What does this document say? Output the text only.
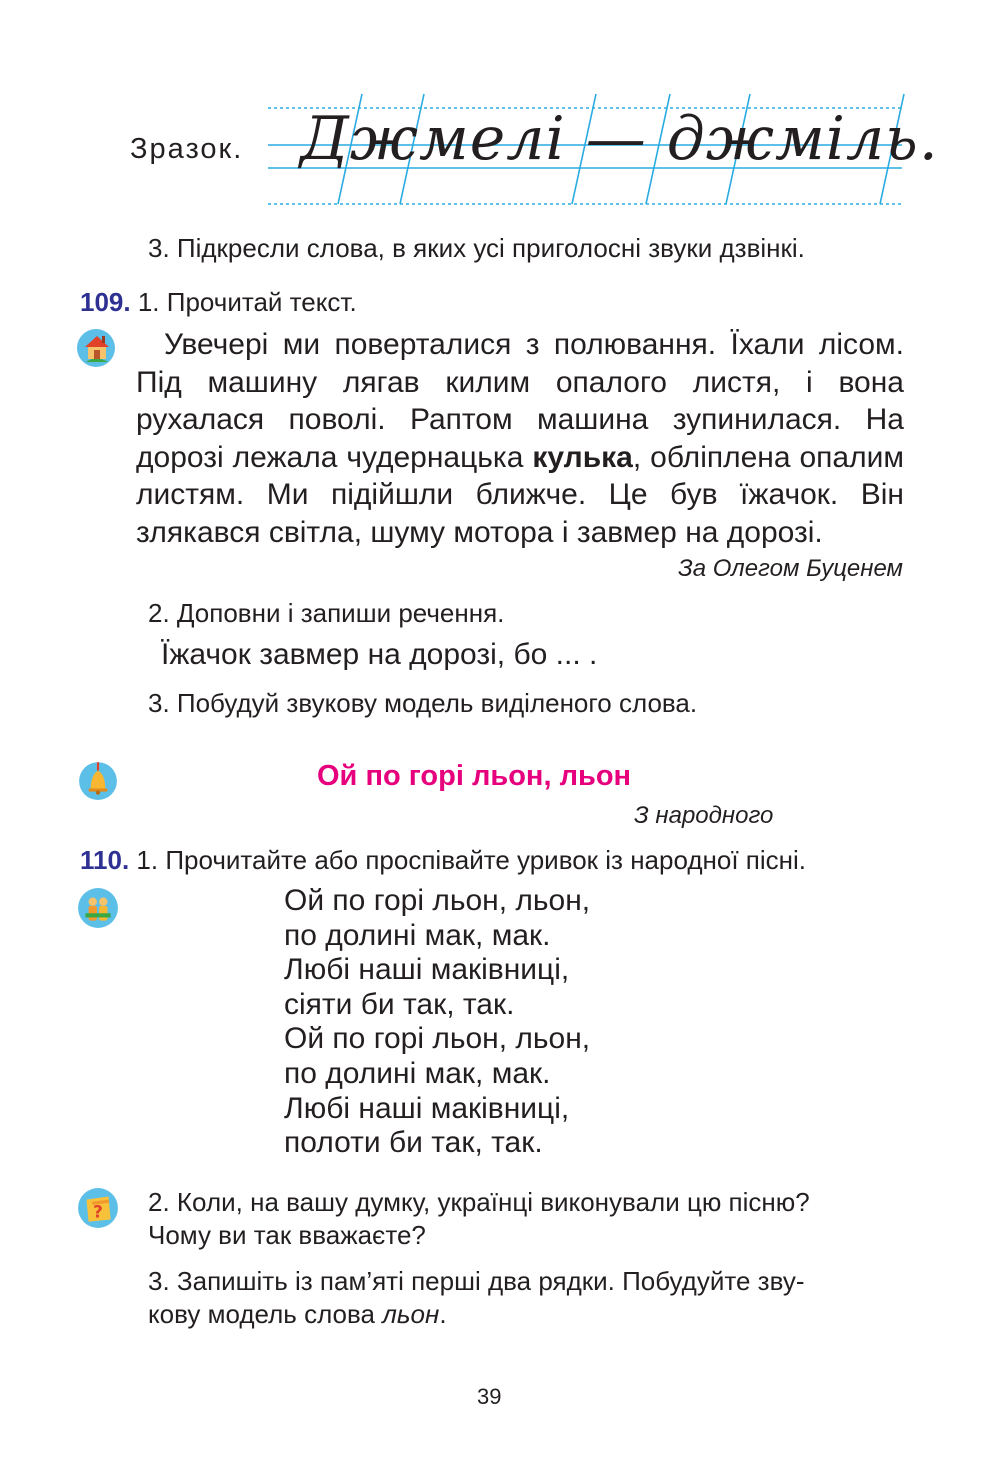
Зразок. Джмелі — джміль.
3. Підкресли слова, в яких усі приголосні звуки дзвінкі.
109. 1. Прочитай текст.
Увечері ми поверталися з полювання. Їхали лісом. Під машину лягав килим опалого листя, і вона рухалася поволі. Раптом машина зупинилася. На дорозі лежала чудернацька кулька, обліплена опалим листям. Ми підійшли ближче. Це був їжачок. Він злякався світла, шуму мотора і завмер на дорозі.
За Олегом Буценем
2. Доповни і запиши речення.
Їжачок завмер на дорозі, бо ... .
3. Побудуй звукову модель виділеного слова.
Ой по горі льон, льон
З народного
110. 1. Прочитайте або проспівайте уривок із народної пісні.
Ой по горі льон, льон,
по долині мак, мак.
Любі наші маківниці,
сіяти би так, так.
Ой по горі льон, льон,
по долині мак, мак.
Любі наші маківниці,
полоти би так, так.
? 2. Коли, на вашу думку, українці виконували цю пісню?
Чому ви так вважаєте?
3. Запишіть із пам’яті перші два рядки. Побудуйте зву-
кову модель слова льон.
39
